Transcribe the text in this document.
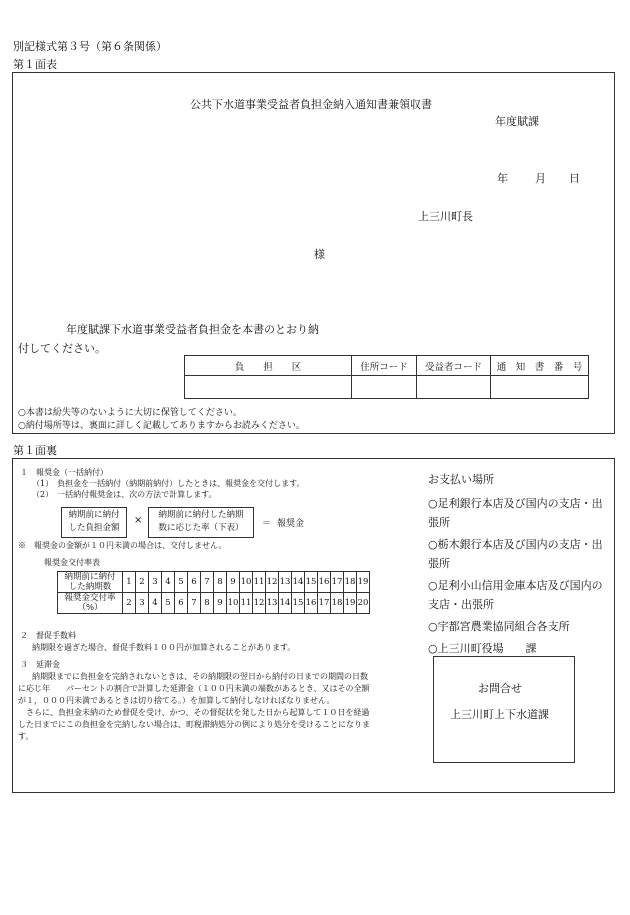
別記様式第３号（第６条関係）
第１面表
公共下水道事業受益者負担金納入通知書兼領収書
年度賦課
年 月 日
上三川町長
様
年度賦課下水道事業受益者負担金を本書のとおり納
付してください。
負　　担　　区	住所コード	受益者コード	通　知　書　番　号

○本書は紛失等のないように大切に保管してください。
○納付場所等は、裏面に詳しく記載してありますからお読みください。
第１面裏
１　報奨金（一括納付）
（1）　負担金を一括納付（納期前納付）したときは、報奨金を交付します。
（2）　一括納付報奨金は、次の方法で計算します。
納期前に納付
した負担金額
×	納期前に納付した納期
数に応じた率（下表）	＝ 報奨金
※　報奨金の金額が１０円未満の場合は、交付しません。
報奨金交付率表
納期前に納付
した納期数	1	2	3	4	5	6	7	8	9	10	11	12	13	14	15	16	17	18	19

報奨金交付率
（%）	2	3	4	5	6	7	8	9	10	11	12	13	14	15	16	17	18	19	20
２　督促手数料
納期限を過ぎた場合、督促手数料１００円が加算されることがあります。
３　延滞金
納期限までに負担金を完納されないときは、その納期限の翌日から納付の日までの期間の日数
に応じ年　　パーセントの割合で計算した延滞金（１００円未満の端数があるとき、又はその全額
が１，０００円未満であるときは切り捨てる。）を加算して納付しなければなりません。
さらに、負担金未納のため督促を受け、かつ、その督促状を発した日から起算して１０日を経過
した日までにこの負担金を完納しない場合は、町税滞納処分の例により処分を受けることになりま
す。
お支払い場所
○足利銀行本店及び国内の支店・出
張所
○栃木銀行本店及び国内の支店・出
張所
○足利小山信用金庫本店及び国内の
支店・出張所
○宇都宮農業協同組合各支所
○上三川町役場　　課
お問合せ
上三川町上下水道課
